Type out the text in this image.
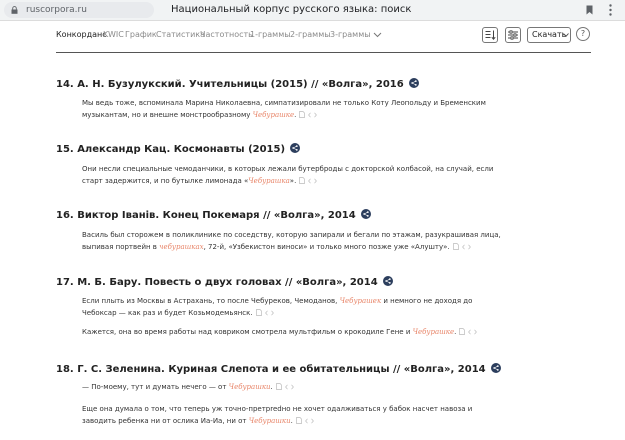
ruscorpora.ru	Национальный корпус русского языка: поиск
Конкорданс
KWIC График Статистика
Частотность
1-граммы 2-граммы 3-граммы	Скачать	?
14. А. Н. Бузулукский. Учительницы (2015) // «Волга», 2016
Мы ведь тоже, вспоминала Марина Николаевна, симпатизировали не только Коту Леопольду и Бременским музыкантам, но и внешне монстрообразному Чебурашке.
15. Александр Кац. Космонавты (2015)
Они несли специальные чемоданчики, в которых лежали бутерброды с докторской колбасой, на случай, если старт задержится, и по бутылке лимонада «Чебурашка».
16. Виктор Іванів. Конец Покемаря // «Волга», 2014
Василь был сторожем в поликлинике по соседству, которую запирали и бегали по этажам, разукрашивая лица, выпивая портвейн в чебурашках, 72-й, «Узбекистон виноси» и только много позже уже «Алушту».
17. М. Б. Бару. Повесть о двух головах // «Волга», 2014
Если плыть из Москвы в Астрахань, то после Чебуреков, Чемоданов, Чебурашек и немного не доходя до Чебоксар — как раз и будет Козьмодемьянск.
Кажется, она во время работы над ковриком смотрела мультфильм о крокодиле Гене и Чебурашке.
18. Г. С. Зеленина. Куриная Слепота и ее обитательницы // «Волга», 2014
— По-моему, тут и думать нечего — от Чебурашки.
Еще она думала о том, что теперь уж точно-претpredно не хочет одалживаться у бабок насчет навоза и заводить ребенка ни от ослика Иа-Иа, ни от Чебурашки.
